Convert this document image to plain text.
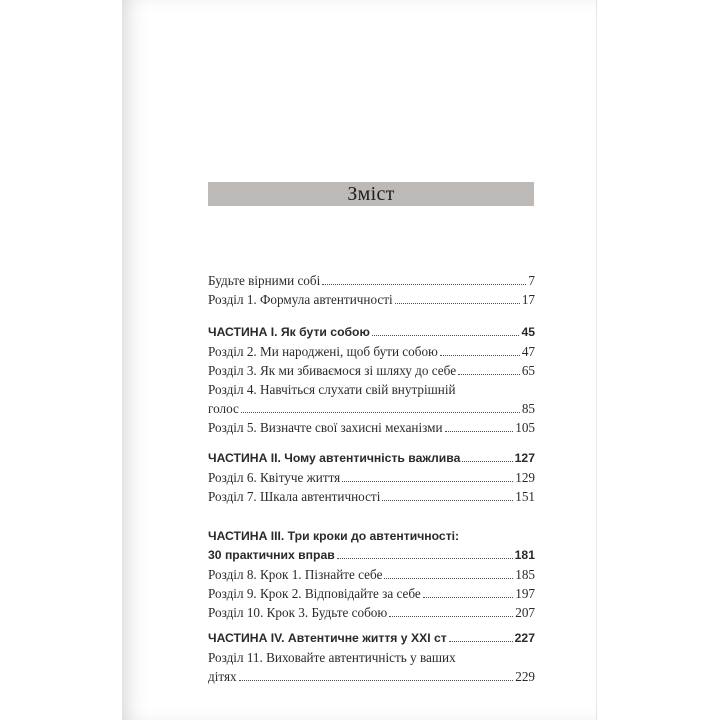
Зміст
Будьте вірними собі	7
Розділ 1. Формула автентичності	17
ЧАСТИНА І. Як бути собою	45
Розділ 2. Ми народжені, щоб бути собою	47
Розділ 3. Як ми збиваємося зі шляху до себе	65
Розділ 4. Навчіться слухати свій внутрішній
голос	85
Розділ 5. Визначте свої захисні механізми	105
ЧАСТИНА ІІ. Чому автентичність важлива	127
Розділ 6. Квітуче життя	129
Розділ 7. Шкала автентичності	151
ЧАСТИНА ІІІ. Три кроки до автентичності:
30 практичних вправ	181
Розділ 8. Крок 1. Пізнайте себе	185
Розділ 9. Крок 2. Відповідайте за себе	197
Розділ 10. Крок 3. Будьте собою	207
ЧАСТИНА IV. Автентичне життя у ХХІ ст	227
Розділ 11. Виховайте автентичність у ваших
дітях	229
